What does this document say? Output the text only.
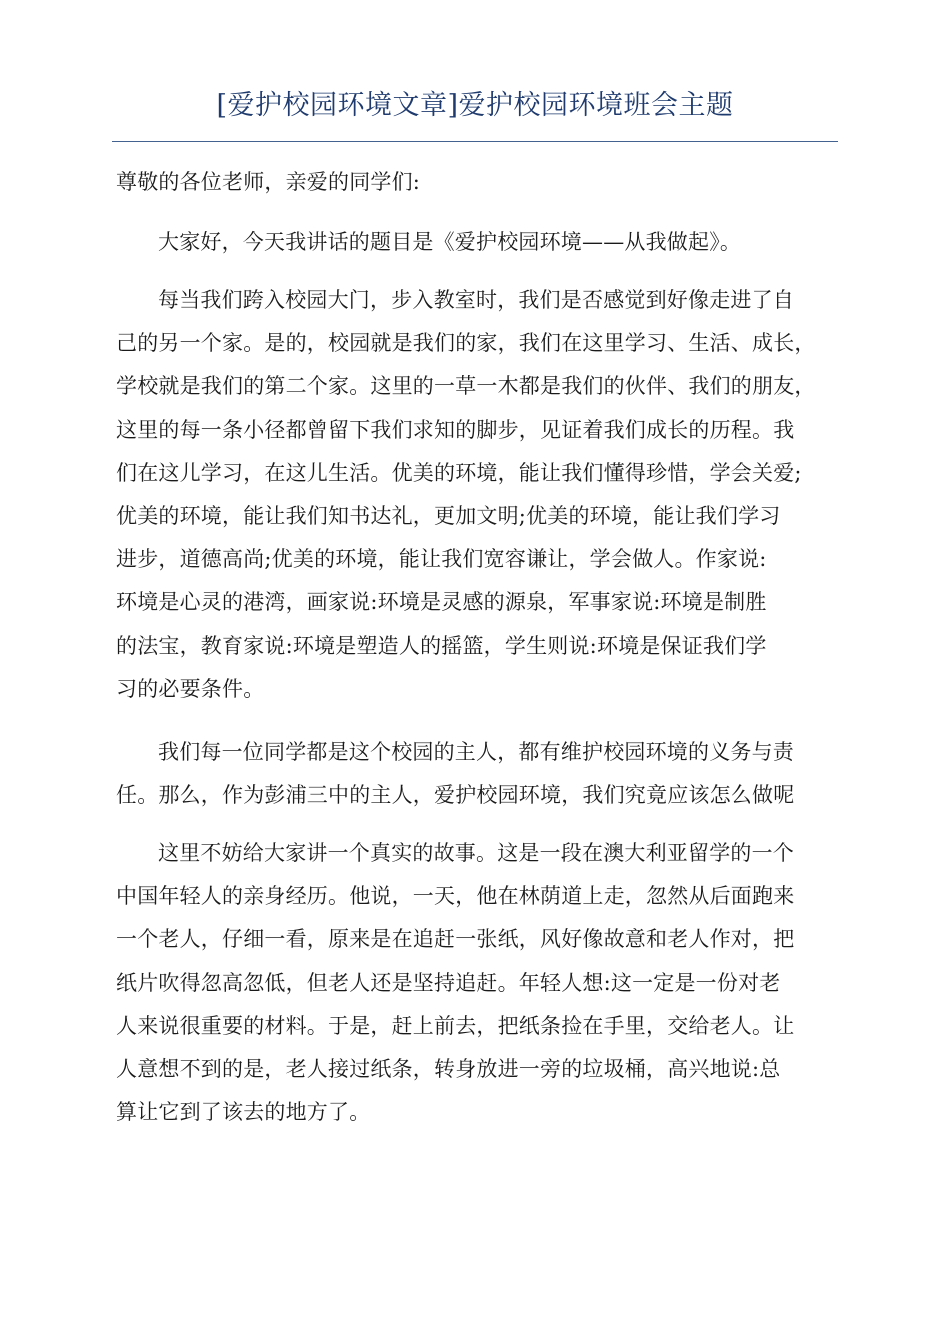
[爱护校园环境文章]爱护校园环境班会主题
尊敬的各位老师，亲爱的同学们:
大家好，今天我讲话的题目是《爱护校园环境——从我做起》。
每当我们跨入校园大门，步入教室时，我们是否感觉到好像走进了自
己的另一个家。是的，校园就是我们的家，我们在这里学习、生活、成长，
学校就是我们的第二个家。这里的一草一木都是我们的伙伴、我们的朋友，
这里的每一条小径都曾留下我们求知的脚步，见证着我们成长的历程。我
们在这儿学习，在这儿生活。优美的环境，能让我们懂得珍惜，学会关爱;
优美的环境，能让我们知书达礼，更加文明;优美的环境，能让我们学习
进步，道德高尚;优美的环境，能让我们宽容谦让，学会做人。作家说:
环境是心灵的港湾，画家说:环境是灵感的源泉，军事家说:环境是制胜
的法宝，教育家说:环境是塑造人的摇篮，学生则说:环境是保证我们学
习的必要条件。
我们每一位同学都是这个校园的主人，都有维护校园环境的义务与责
任。那么，作为彭浦三中的主人，爱护校园环境，我们究竟应该怎么做呢
这里不妨给大家讲一个真实的故事。这是一段在澳大利亚留学的一个
中国年轻人的亲身经历。他说，一天，他在林荫道上走，忽然从后面跑来
一个老人，仔细一看，原来是在追赶一张纸，风好像故意和老人作对，把
纸片吹得忽高忽低，但老人还是坚持追赶。年轻人想:这一定是一份对老
人来说很重要的材料。于是，赶上前去，把纸条捡在手里，交给老人。让
人意想不到的是，老人接过纸条，转身放进一旁的垃圾桶，高兴地说:总
算让它到了该去的地方了。
